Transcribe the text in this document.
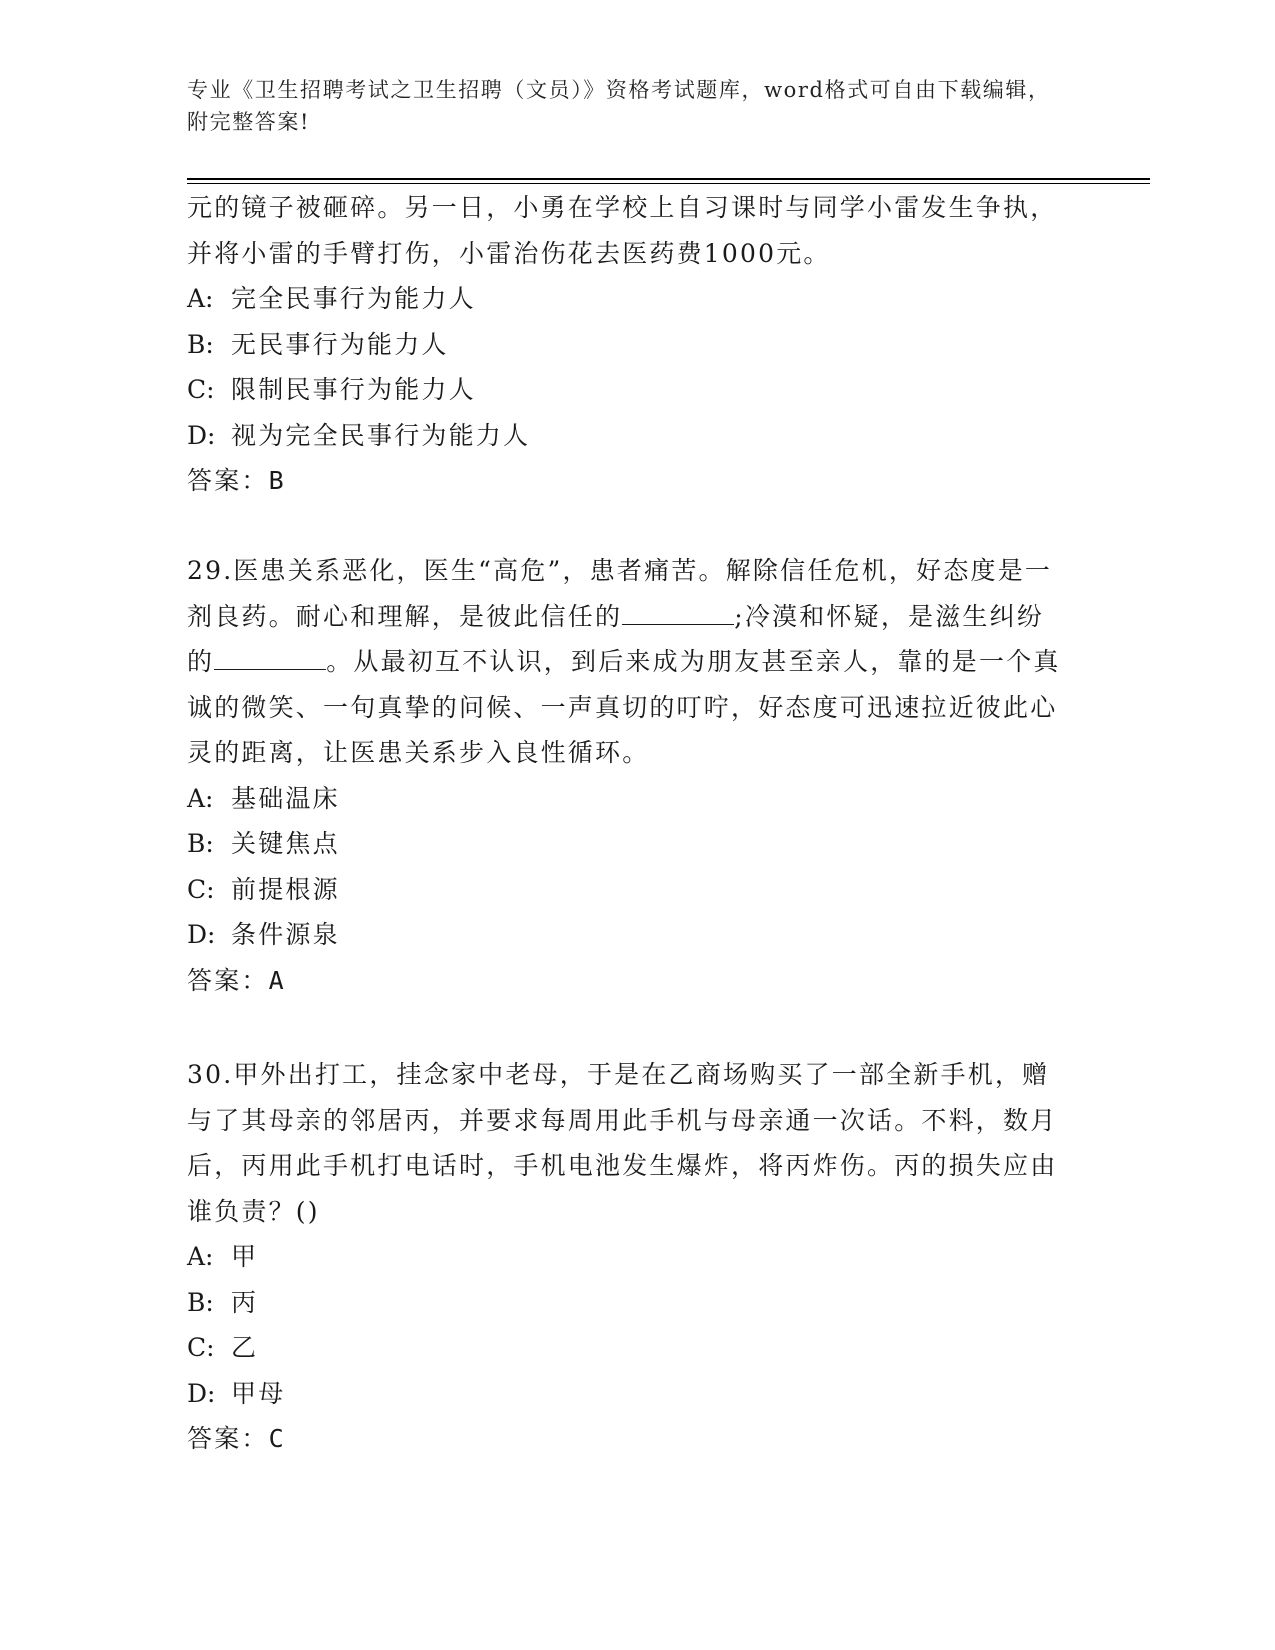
专业《卫生招聘考试之卫生招聘（文员）》资格考试题库，word格式可自由下载编辑，附完整答案!

元的镜子被砸碎。另一日，小勇在学校上自习课时与同学小雷发生争执，并将小雷的手臂打伤，小雷治伤花去医药费1000元。

A: 完全民事行为能力人
B: 无民事行为能力人
C: 限制民事行为能力人
D: 视为完全民事行为能力人
答案：B

29.医患关系恶化，医生“高危”，患者痛苦。解除信任危机，好态度是一剂良药。耐心和理解，是彼此信任的	;冷漠和怀疑，是滋生纠纷的	。从最初互不认识，到后来成为朋友甚至亲人，靠的是一个真诚的微笑、一句真挚的问候、一声真切的叮咛，好态度可迅速拉近彼此心灵的距离，让医患关系步入良性循环。

A: 基础温床
B: 关键焦点
C: 前提根源
D: 条件源泉
答案：A

30.甲外出打工，挂念家中老母，于是在乙商场购买了一部全新手机，赠与了其母亲的邻居丙，并要求每周用此手机与母亲通一次话。不料，数月后，丙用此手机打电话时，手机电池发生爆炸，将丙炸伤。丙的损失应由谁负责？()

A: 甲
B: 丙
C: 乙
D: 甲母
答案：C
